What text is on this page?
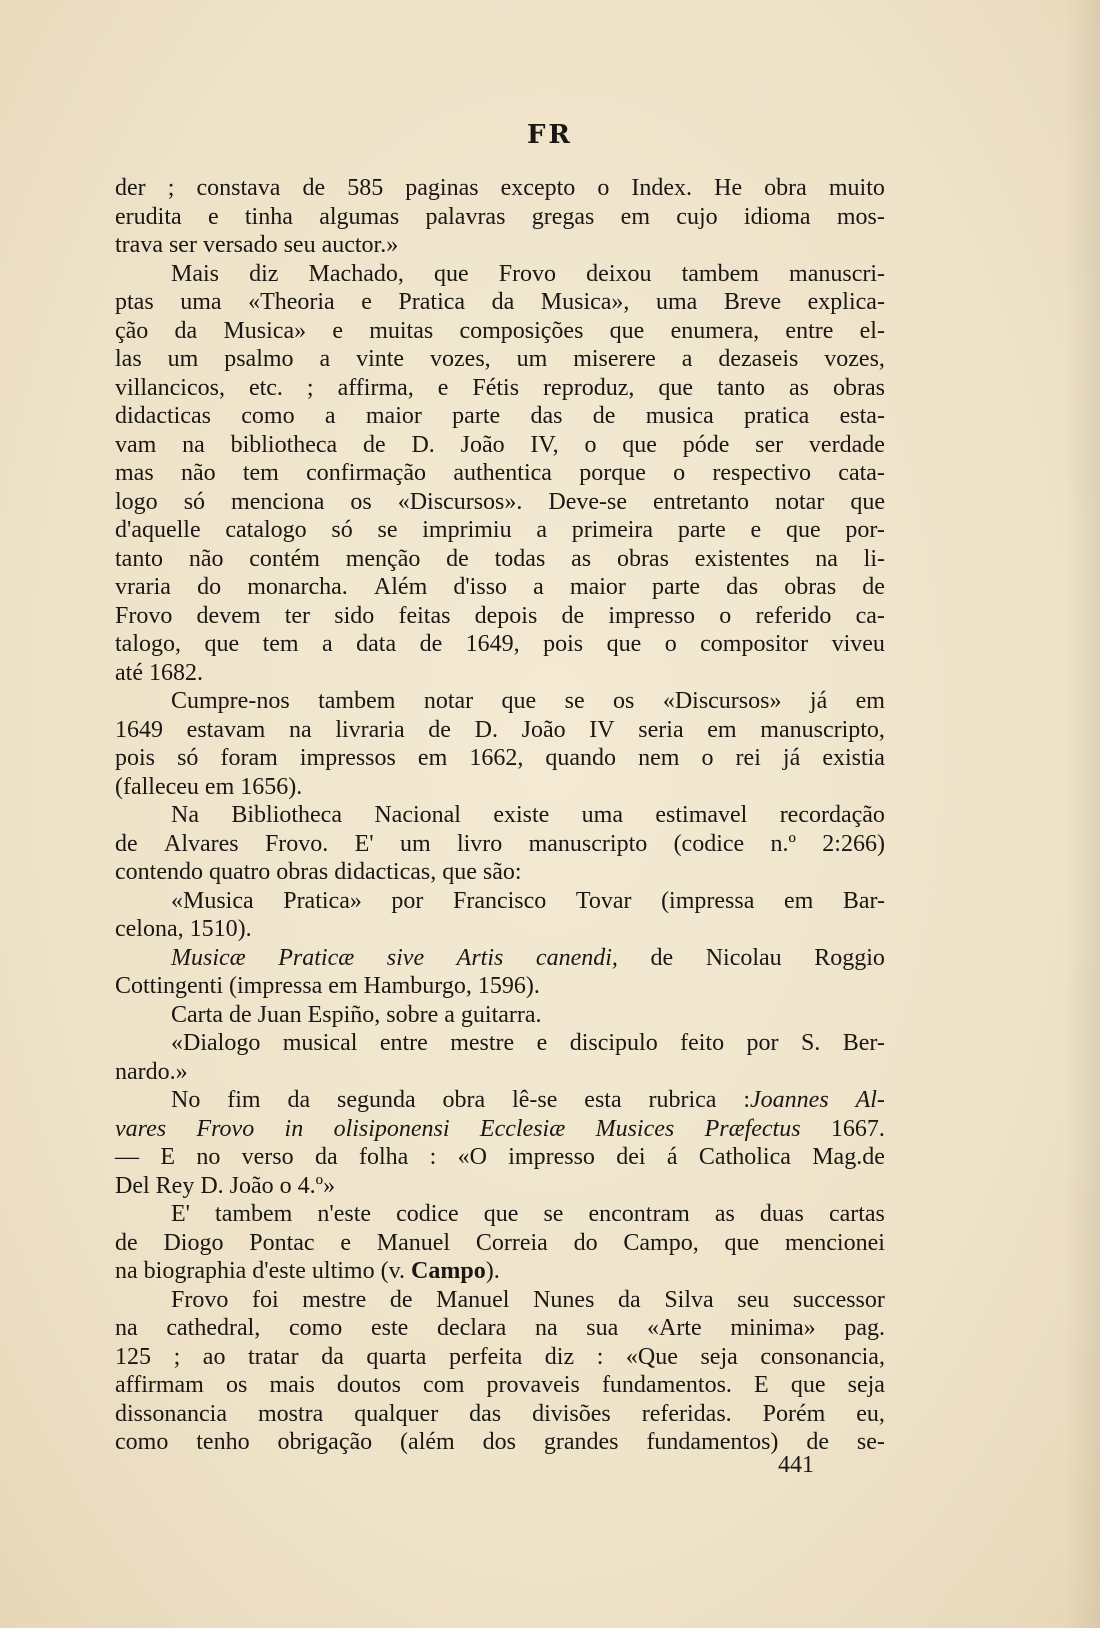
FR
der ; constava de 585 paginas excepto o Index. He obra muito
erudita e tinha algumas palavras gregas em cujo idioma mos-
trava ser versado seu auctor.»
Mais diz Machado, que Frovo deixou tambem manuscri-
ptas uma «Theoria e Pratica da Musica», uma Breve explica-
ção da Musica» e muitas composições que enumera, entre el-
las um psalmo a vinte vozes, um miserere a dezaseis vozes,
villancicos, etc. ; affirma, e Fétis reproduz, que tanto as obras
didacticas como a maior parte das de musica pratica esta-
vam na bibliotheca de D. João IV, o que póde ser verdade
mas não tem confirmação authentica porque o respectivo cata-
logo só menciona os «Discursos». Deve-se entretanto notar que
d'aquelle catalogo só se imprimiu a primeira parte e que por-
tanto não contém menção de todas as obras existentes na li-
vraria do monarcha. Além d'isso a maior parte das obras de
Frovo devem ter sido feitas depois de impresso o referido ca-
talogo, que tem a data de 1649, pois que o compositor viveu
até 1682.
Cumpre-nos tambem notar que se os «Discursos» já em
1649 estavam na livraria de D. João IV seria em manuscripto,
pois só foram impressos em 1662, quando nem o rei já existia
(falleceu em 1656).
Na Bibliotheca Nacional existe uma estimavel recordação
de Alvares Frovo. E' um livro manuscripto (codice n.º 2:266)
contendo quatro obras didacticas, que são:
«Musica Pratica» por Francisco Tovar (impressa em Bar-
celona, 1510).
Musicæ Praticæ sive Artis canendi, de Nicolau Roggio
Cottingenti (impressa em Hamburgo, 1596).
Carta de Juan Espiño, sobre a guitarra.
«Dialogo musical entre mestre e discipulo feito por S. Ber-
nardo.»
No fim da segunda obra lê-se esta rubrica :Joannes Al-
vares Frovo in olisiponensi Ecclesiæ Musices Præfectus 1667.
— E no verso da folha : «O impresso dei á Catholica Mag.de
Del Rey D. João o 4.º»
E' tambem n'este codice que se encontram as duas cartas
de Diogo Pontac e Manuel Correia do Campo, que mencionei
na biographia d'este ultimo (v. Campo ).
Frovo foi mestre de Manuel Nunes da Silva seu successor
na cathedral, como este declara na sua «Arte minima» pag.
125 ; ao tratar da quarta perfeita diz : «Que seja consonancia,
affirmam os mais doutos com provaveis fundamentos. E que seja
dissonancia mostra qualquer das divisões referidas. Porém eu,
como tenho obrigação (além dos grandes fundamentos) de se-
441
